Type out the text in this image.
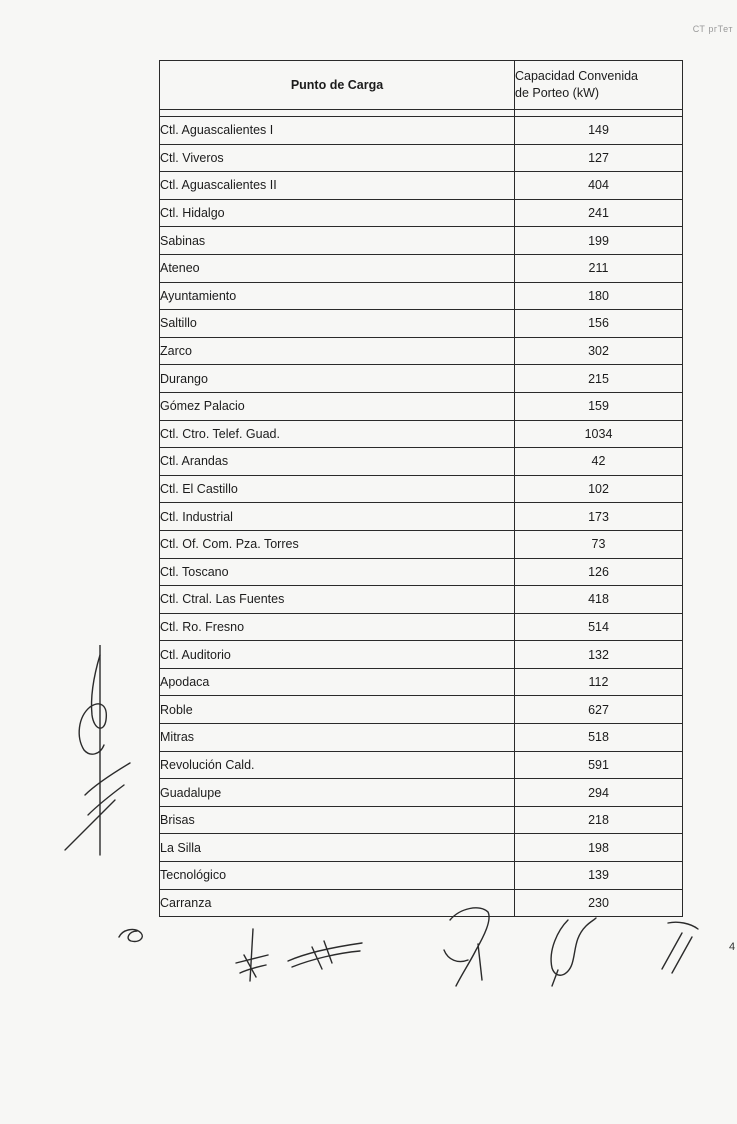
СТ ргТет
Punto de Carga	Capacidad Convenida
de Porteo (kW)

Ctl. Aguascalientes I	149
Ctl. Viveros	127
Ctl. Aguascalientes II	404
Ctl. Hidalgo	241
Sabinas	199
Ateneo	211
Ayuntamiento	180
Saltillo	156
Zarco	302
Durango	215
Gómez Palacio	159
Ctl. Ctro. Telef. Guad.	1034
Ctl. Arandas	42
Ctl. El Castillo	102
Ctl. Industrial	173
Ctl. Of. Com. Pza. Torres	73
Ctl. Toscano	126
Ctl. Ctral. Las Fuentes	418
Ctl. Ro. Fresno	514
Ctl. Auditorio	132
Apodaca	112
Roble	627
Mitras	518
Revolución Cald.	591
Guadalupe	294
Brisas	218
La Silla	198
Tecnológico	139
Carranza	230
4
